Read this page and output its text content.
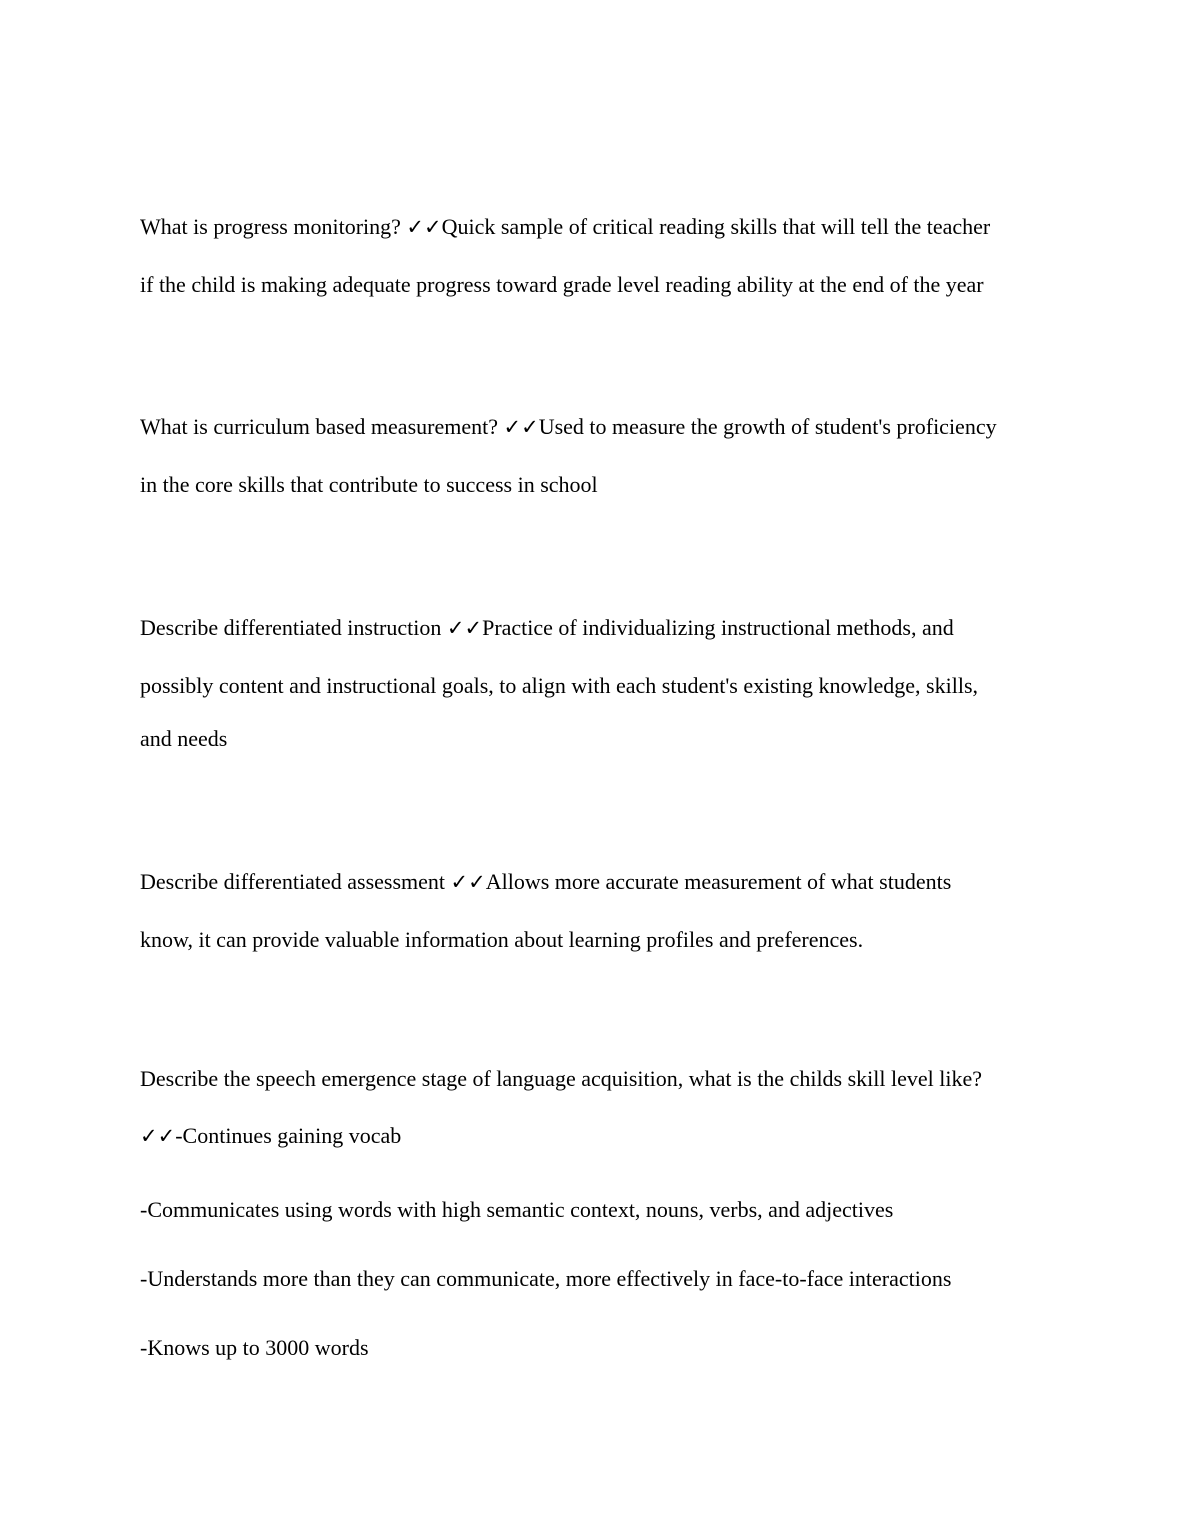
What is progress monitoring? ✓✓Quick sample of critical reading skills that will tell the teacher
if the child is making adequate progress toward grade level reading ability at the end of the year
What is curriculum based measurement? ✓✓Used to measure the growth of student's proficiency
in the core skills that contribute to success in school
Describe differentiated instruction ✓✓Practice of individualizing instructional methods, and
possibly content and instructional goals, to align with each student's existing knowledge, skills,
and needs
Describe differentiated assessment ✓✓Allows more accurate measurement of what students
know, it can provide valuable information about learning profiles and preferences.
Describe the speech emergence stage of language acquisition, what is the childs skill level like?
✓✓-Continues gaining vocab
-Communicates using words with high semantic context, nouns, verbs, and adjectives
-Understands more than they can communicate, more effectively in face-to-face interactions
-Knows up to 3000 words
